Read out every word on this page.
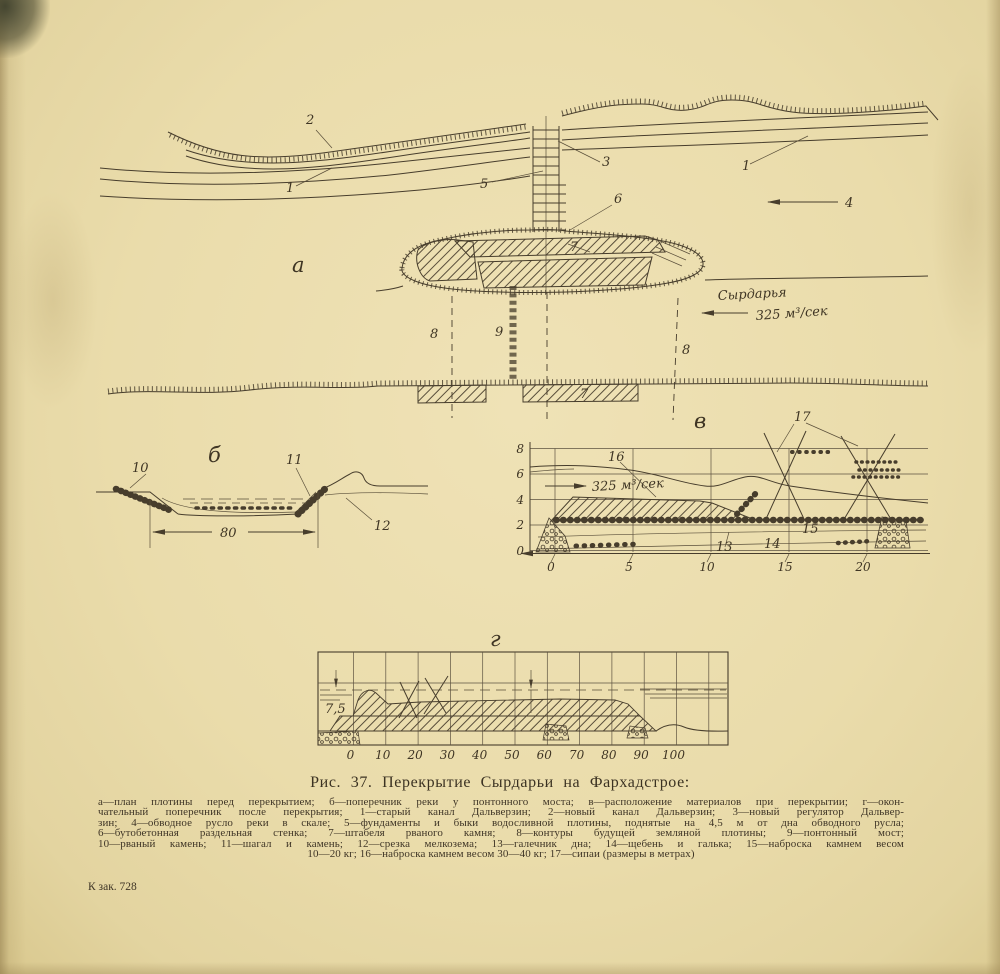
а
2
1
1
3
5
6
7
7
4
8
8
9
Сырдарья
325 м³/сек
б
80
10
11
12
в
8
6
4
2
0
0	5	10	15	20
325 м³/сек
16
17
15
14
13
г
7,5
0 10 20 30 40 50 60 70 80 90 100
Рис. 37. Перекрытие Сырдарьи на Фархадстрое:
а—план плотины перед перекрытием; б—поперечник реки у понтонного моста; в—расположение материалов при перекрытии; г—окон-
чательный поперечник после перекрытия; 1—старый канал Дальверзин; 2—новый канал Дальверзин; 3—новый регулятор Дальвер-
зин; 4—обводное русло реки в скале; 5—фундаменты и быки водосливной плотины, поднятые на 4,5 м от дна обводного русла;
6—бутобетонная раздельная стенка; 7—штабеля рваного камня; 8—контуры будущей земляной плотины; 9—понтонный мост;
10—рваный камень; 11—шагал и камень; 12—срезка мелкозема; 13—галечник дна; 14—щебень и галька; 15—наброска камнем весом
10—20 кг; 16—наброска камнем весом 30—40 кг; 17—сипаи (размеры в метрах)
К зак. 728
